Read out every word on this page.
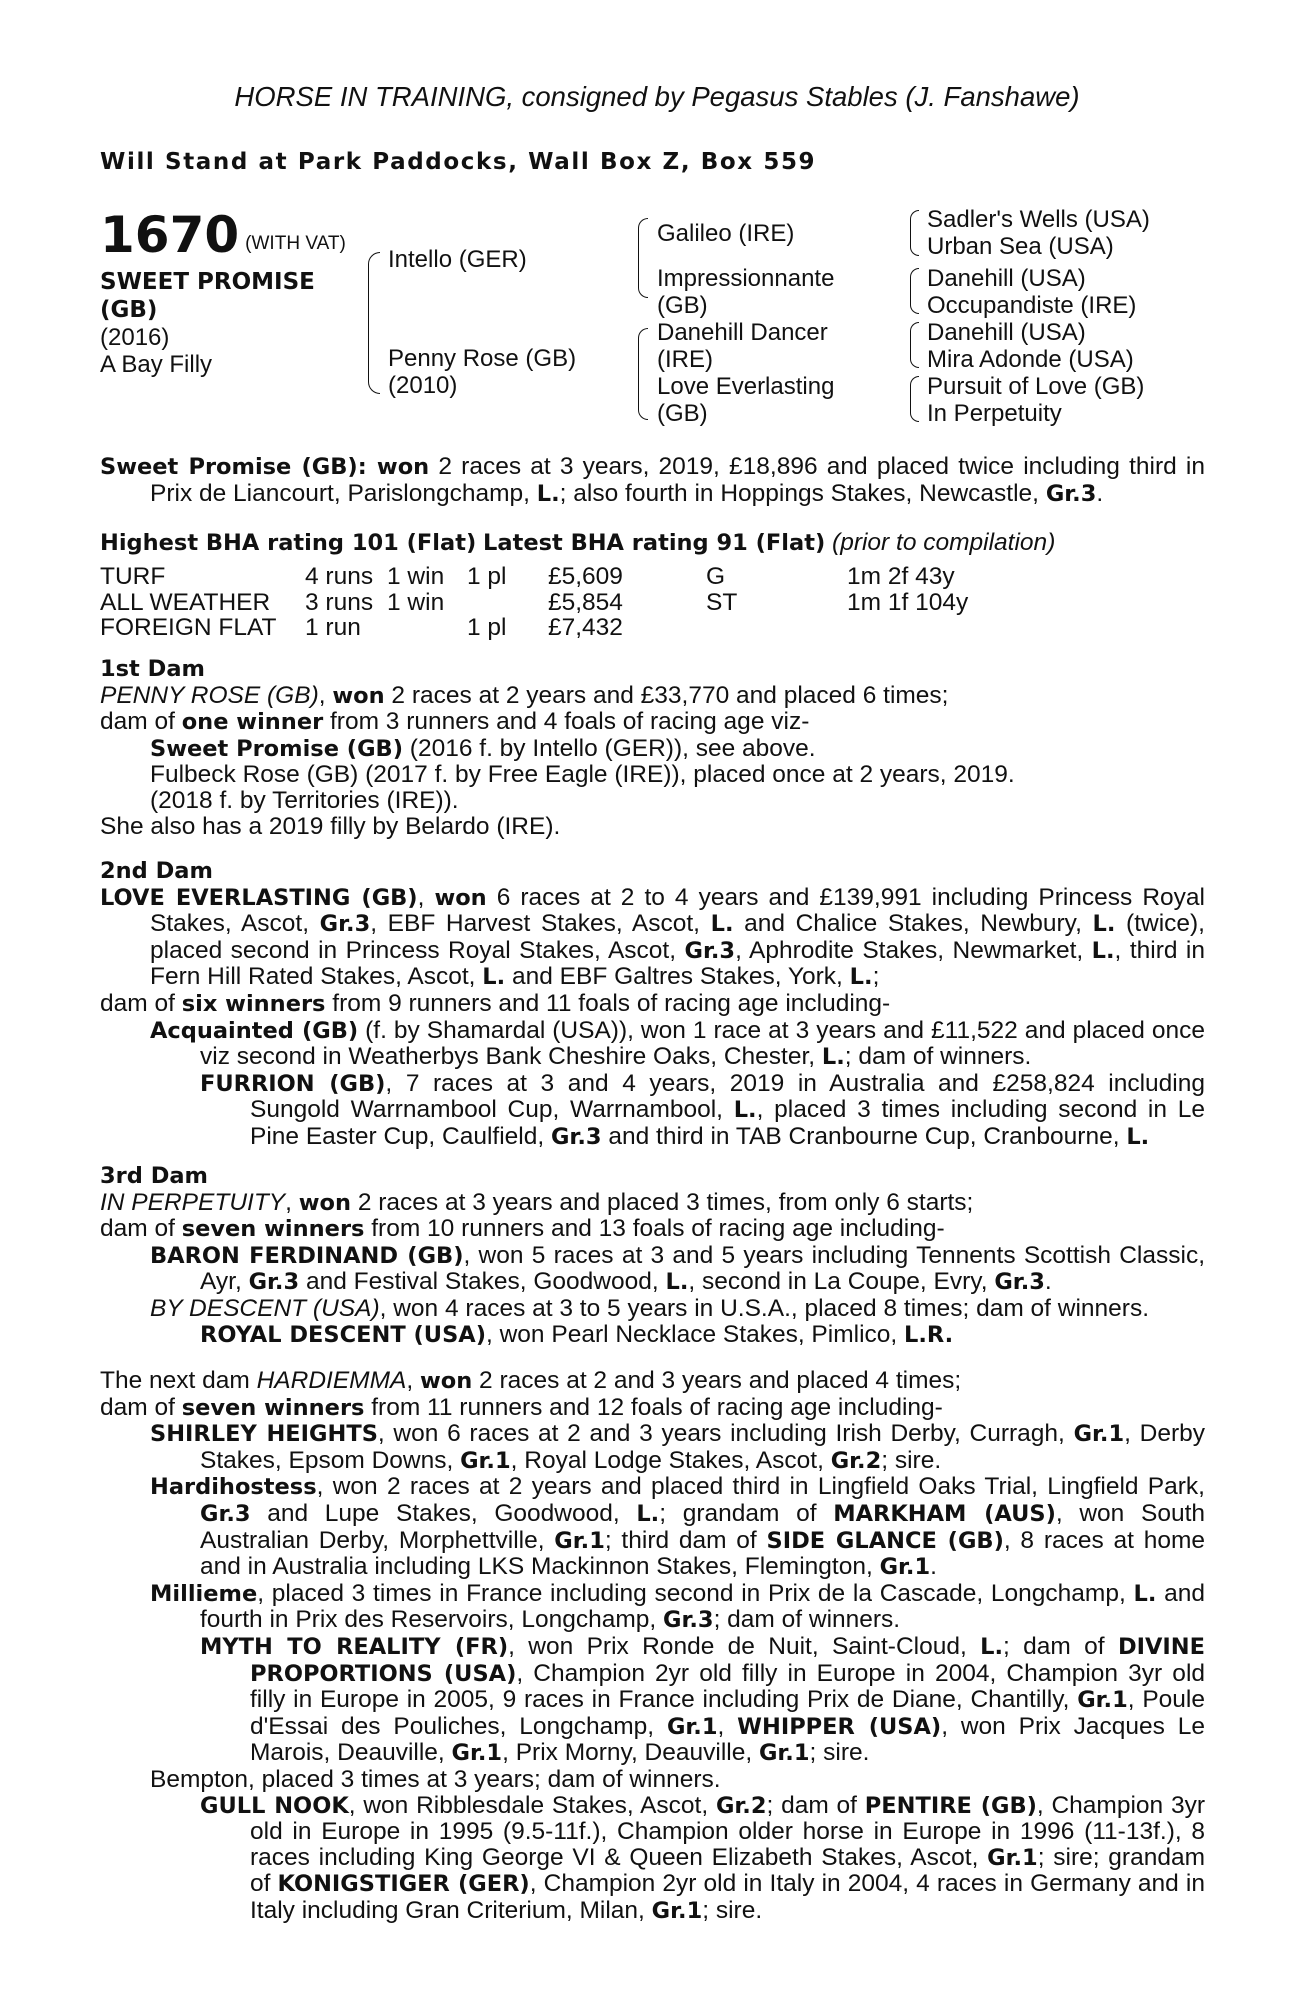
HORSE IN TRAINING, consigned by Pegasus Stables (J. Fanshawe)
Will Stand at Park Paddocks, Wall Box Z, Box 559
1670 (WITH VAT)
SWEET PROMISE
(GB)
(2016)
A Bay Filly
Intello (GER)
Penny Rose (GB)
(2010)
Galileo (IRE)
Impressionnante
(GB)
Danehill Dancer
(IRE)
Love Everlasting
(GB)
Sadler's Wells (USA)
Urban Sea (USA)
Danehill (USA)
Occupandiste (IRE)
Danehill (USA)
Mira Adonde (USA)
Pursuit of Love (GB)
In Perpetuity
Sweet Promise (GB): won 2 races at 3 years, 2019, £18,896 and placed twice including third in Prix de Liancourt, Parislongchamp, L.; also fourth in Hoppings Stakes, Newcastle, Gr.3.
Highest BHA rating 101 (Flat) Latest BHA rating 91 (Flat) (prior to compilation)
TURF	4 runs 1 win 1 pl £5,609	G	1m 2f 43y
ALL WEATHER 3 runs 1 win	£5,854	ST	1m 1f 104y
FOREIGN FLAT 1 run	1 pl £7,432
1st Dam
PENNY ROSE (GB), won 2 races at 2 years and £33,770 and placed 6 times;
dam of one winner from 3 runners and 4 foals of racing age viz-
Sweet Promise (GB) (2016 f. by Intello (GER)), see above.
Fulbeck Rose (GB) (2017 f. by Free Eagle (IRE)), placed once at 2 years, 2019.
(2018 f. by Territories (IRE)).
She also has a 2019 filly by Belardo (IRE).
2nd Dam
LOVE EVERLASTING (GB), won 6 races at 2 to 4 years and £139,991 including Princess Royal Stakes, Ascot, Gr.3, EBF Harvest Stakes, Ascot, L. and Chalice Stakes, Newbury, L. (twice), placed second in Princess Royal Stakes, Ascot, Gr.3, Aphrodite Stakes, Newmarket, L., third in Fern Hill Rated Stakes, Ascot, L. and EBF Galtres Stakes, York, L.;
dam of six winners from 9 runners and 11 foals of racing age including-
Acquainted (GB) (f. by Shamardal (USA)), won 1 race at 3 years and £11,522 and placed once viz second in Weatherbys Bank Cheshire Oaks, Chester, L.; dam of winners.
FURRION (GB), 7 races at 3 and 4 years, 2019 in Australia and £258,824 including Sungold Warrnambool Cup, Warrnambool, L., placed 3 times including second in Le Pine Easter Cup, Caulfield, Gr.3 and third in TAB Cranbourne Cup, Cranbourne, L.
3rd Dam
IN PERPETUITY, won 2 races at 3 years and placed 3 times, from only 6 starts;
dam of seven winners from 10 runners and 13 foals of racing age including-
BARON FERDINAND (GB), won 5 races at 3 and 5 years including Tennents Scottish Classic, Ayr, Gr.3 and Festival Stakes, Goodwood, L., second in La Coupe, Evry, Gr.3.
BY DESCENT (USA), won 4 races at 3 to 5 years in U.S.A., placed 8 times; dam of winners.
ROYAL DESCENT (USA), won Pearl Necklace Stakes, Pimlico, L.R.
The next dam HARDIEMMA, won 2 races at 2 and 3 years and placed 4 times;
dam of seven winners from 11 runners and 12 foals of racing age including-
SHIRLEY HEIGHTS, won 6 races at 2 and 3 years including Irish Derby, Curragh, Gr.1, Derby Stakes, Epsom Downs, Gr.1, Royal Lodge Stakes, Ascot, Gr.2; sire.
Hardihostess, won 2 races at 2 years and placed third in Lingfield Oaks Trial, Lingfield Park, Gr.3 and Lupe Stakes, Goodwood, L.; grandam of MARKHAM (AUS), won South Australian Derby, Morphettville, Gr.1; third dam of SIDE GLANCE (GB), 8 races at home and in Australia including LKS Mackinnon Stakes, Flemington, Gr.1.
Millieme, placed 3 times in France including second in Prix de la Cascade, Longchamp, L. and fourth in Prix des Reservoirs, Longchamp, Gr.3; dam of winners.
MYTH TO REALITY (FR), won Prix Ronde de Nuit, Saint-Cloud, L.; dam of DIVINE PROPORTIONS (USA), Champion 2yr old filly in Europe in 2004, Champion 3yr old filly in Europe in 2005, 9 races in France including Prix de Diane, Chantilly, Gr.1, Poule d'Essai des Pouliches, Longchamp, Gr.1, WHIPPER (USA), won Prix Jacques Le Marois, Deauville, Gr.1, Prix Morny, Deauville, Gr.1; sire.
Bempton, placed 3 times at 3 years; dam of winners.
GULL NOOK, won Ribblesdale Stakes, Ascot, Gr.2; dam of PENTIRE (GB), Champion 3yr old in Europe in 1995 (9.5-11f.), Champion older horse in Europe in 1996 (11-13f.), 8 races including King George VI & Queen Elizabeth Stakes, Ascot, Gr.1; sire; grandam of KONIGSTIGER (GER), Champion 2yr old in Italy in 2004, 4 races in Germany and in Italy including Gran Criterium, Milan, Gr.1; sire.
